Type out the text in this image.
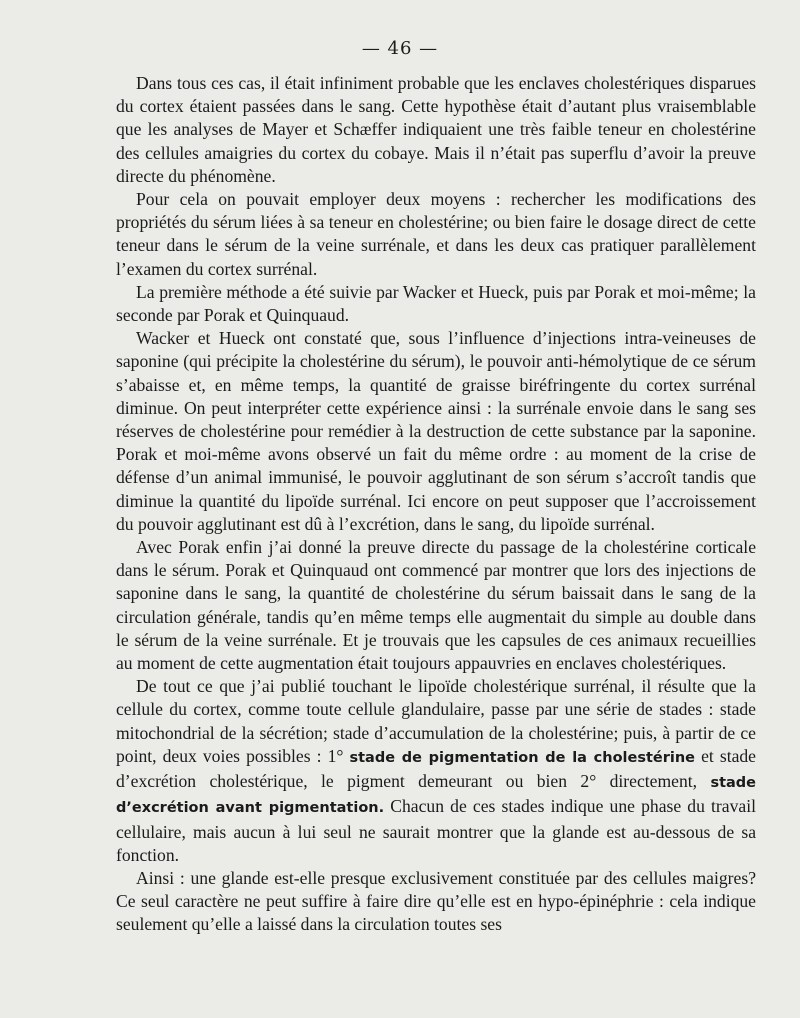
— 46 —

Dans tous ces cas, il était infiniment probable que les enclaves cholestériques disparues du cortex étaient passées dans le sang. Cette hypothèse était d’autant plus vraisemblable que les analyses de Mayer et Schæffer indiquaient une très faible teneur en cholestérine des cellules amaigries du cortex du cobaye. Mais il n’était pas superflu d’avoir la preuve directe du phénomène.

Pour cela on pouvait employer deux moyens : rechercher les modifications des propriétés du sérum liées à sa teneur en cholestérine; ou bien faire le dosage direct de cette teneur dans le sérum de la veine surrénale, et dans les deux cas pratiquer parallèlement l’examen du cortex surrénal.

La première méthode a été suivie par Wacker et Hueck, puis par Porak et moi-même; la seconde par Porak et Quinquaud.

Wacker et Hueck ont constaté que, sous l’influence d’injections intra-veineuses de saponine (qui précipite la cholestérine du sérum), le pouvoir anti-hémolytique de ce sérum s’abaisse et, en même temps, la quantité de graisse biréfringente du cortex surrénal diminue. On peut interpréter cette expérience ainsi : la surrénale envoie dans le sang ses réserves de cholestérine pour remédier à la destruction de cette substance par la saponine. Porak et moi-même avons observé un fait du même ordre : au moment de la crise de défense d’un animal immunisé, le pouvoir agglutinant de son sérum s’accroît tandis que diminue la quantité du lipoïde surrénal. Ici encore on peut supposer que l’accroissement du pouvoir agglutinant est dû à l’excrétion, dans le sang, du lipoïde surrénal.

Avec Porak enfin j’ai donné la preuve directe du passage de la cholestérine corticale dans le sérum. Porak et Quinquaud ont commencé par montrer que lors des injections de saponine dans le sang, la quantité de cholestérine du sérum baissait dans le sang de la circulation générale, tandis qu’en même temps elle augmentait du simple au double dans le sérum de la veine surrénale. Et je trouvais que les capsules de ces animaux recueillies au moment de cette augmentation était toujours appauvries en enclaves cholestériques.

De tout ce que j’ai publié touchant le lipoïde cholestérique surrénal, il résulte que la cellule du cortex, comme toute cellule glandulaire, passe par une série de stades : stade mitochondrial de la sécrétion; stade d’accumulation de la cholestérine; puis, à partir de ce point, deux voies possibles : 1° stade de pigmentation de la cholestérine et stade d’excrétion cholestérique, le pigment demeurant ou bien 2° directement, stade d’excrétion avant pigmentation. Chacun de ces stades indique une phase du travail cellulaire, mais aucun à lui seul ne saurait montrer que la glande est au-dessous de sa fonction.

Ainsi : une glande est-elle presque exclusivement constituée par des cellules maigres? Ce seul caractère ne peut suffire à faire dire qu’elle est en hypo-épinéphrie : cela indique seulement qu’elle a laissé dans la circulation toutes ses
